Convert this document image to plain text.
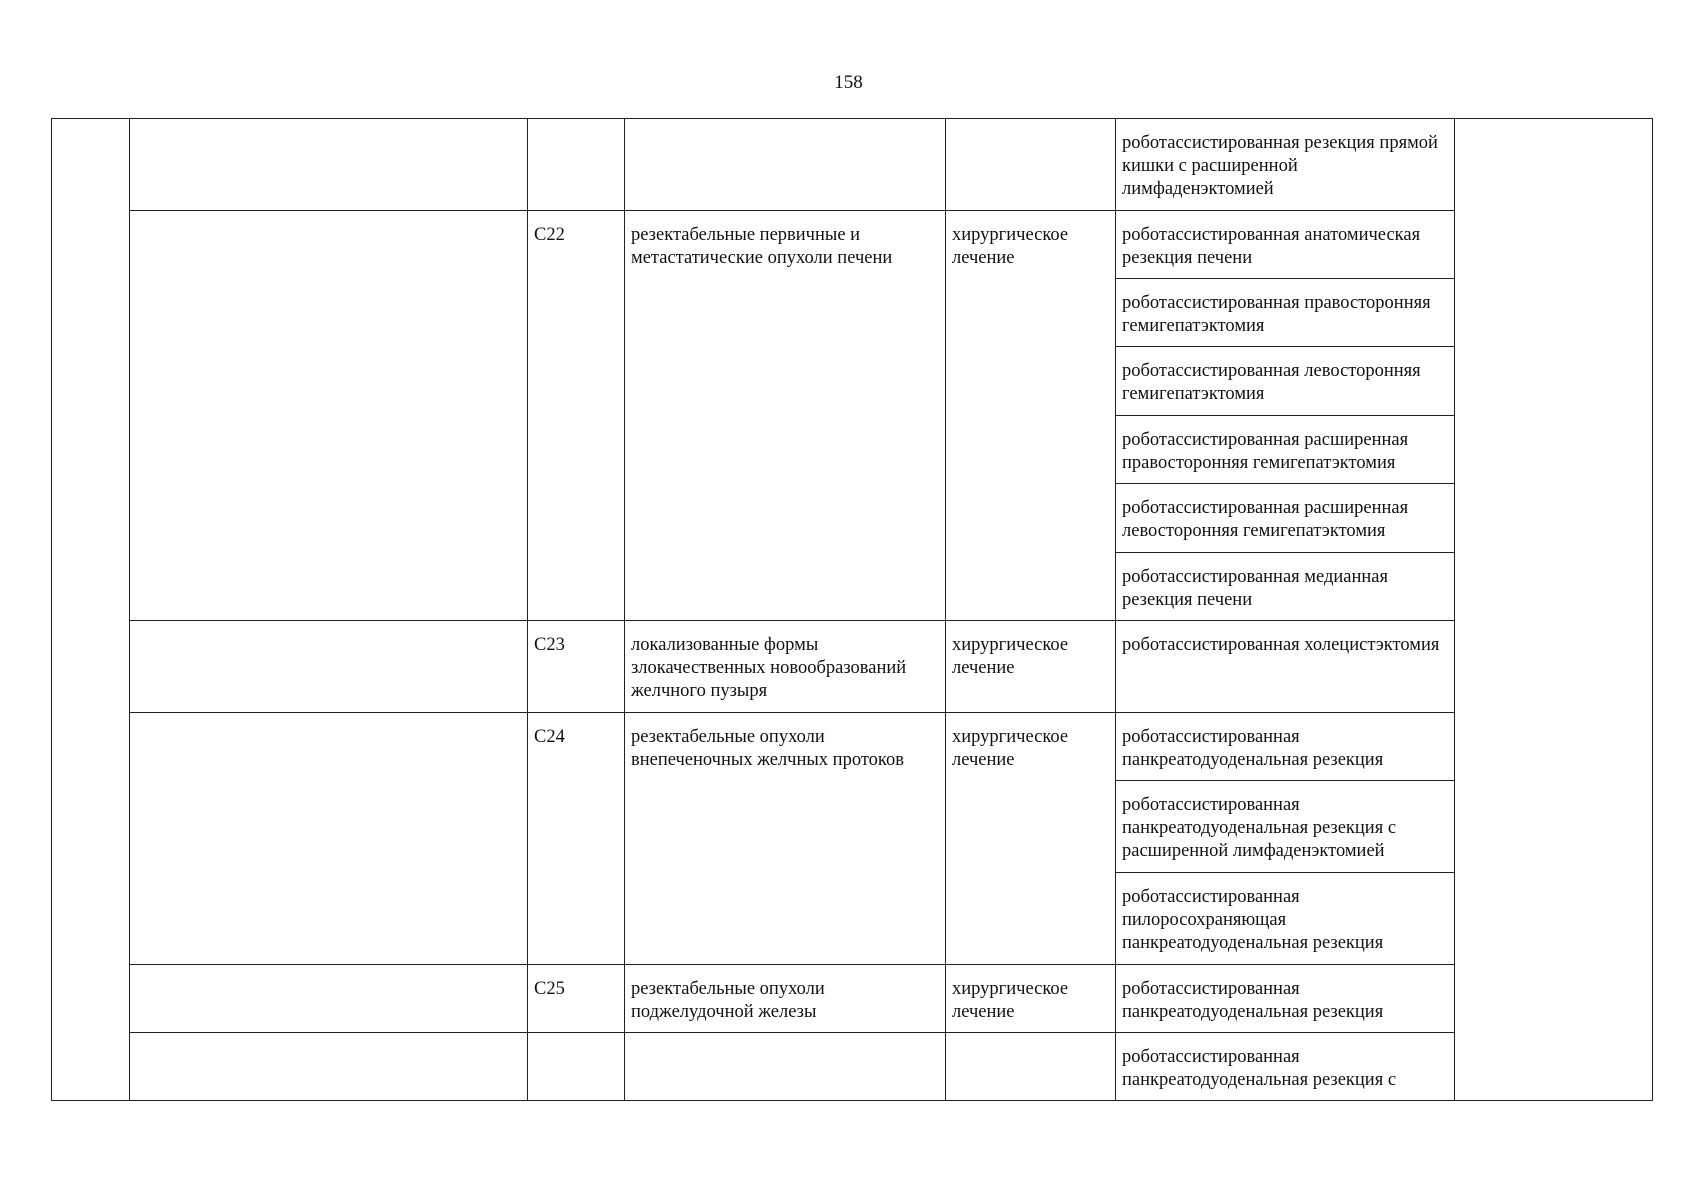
158
					роботассистированная резекция прямой кишки с расширенной лимфаденэктомией	
		C22	резектабельные первичные и метастатические опухоли печени	хирургическое лечение	роботассистированная анатомическая резекция печени	
					роботассистированная правосторонняя гемигепатэктомия	
					роботассистированная левосторонняя гемигепатэктомия	
					роботассистированная расширенная правосторонняя гемигепатэктомия	
					роботассистированная расширенная левосторонняя гемигепатэктомия	
					роботассистированная медианная резекция печени	
		C23	локализованные формы злокачественных новообразований желчного пузыря	хирургическое лечение	роботассистированная холецистэктомия	
		C24	резектабельные опухоли внепеченочных желчных протоков	хирургическое лечение	роботассистированная панкреатодуоденальная резекция	
					роботассистированная панкреатодуоденальная резекция с расширенной лимфаденэктомией	
					роботассистированная пилоросохраняющая панкреатодуоденальная резекция	
		C25	резектабельные опухоли поджелудочной железы	хирургическое лечение	роботассистированная панкреатодуоденальная резекция	
					роботассистированная панкреатодуоденальная резекция с	
